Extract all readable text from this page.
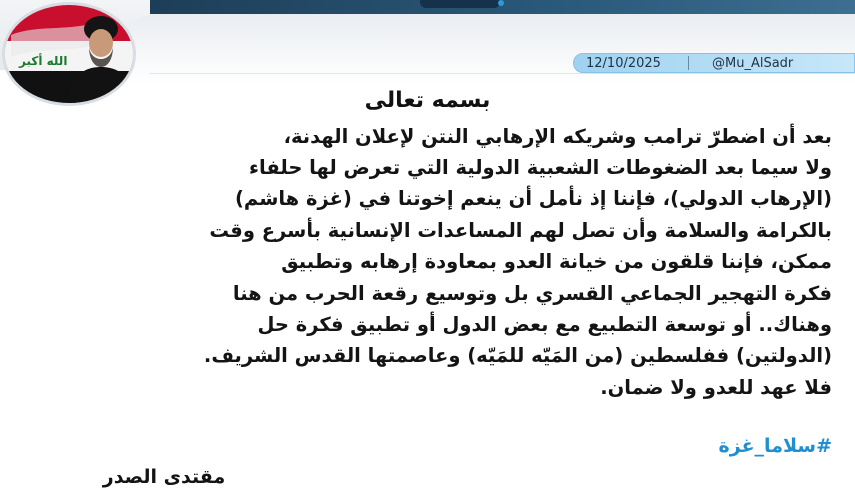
الله أكبر	12/10/2025	@Mu_AlSadr
بسمه تعالى
بعد أن اضطرّ ترامب وشريكه الإرهابي النتن لإعلان الهدنة،
ولا سيما بعد الضغوطات الشعبية الدولية التي تعرض لها حلفاء
(الإرهاب الدولي)، فإننا إذ نأمل أن ينعم إخوتنا في (غزة هاشم)
بالكرامة والسلامة وأن تصل لهم المساعدات الإنسانية بأسرع وقت
ممكن، فإننا قلقون من خيانة العدو بمعاودة إرهابه وتطبيق
فكرة التهجير الجماعي القسري بل وتوسيع رقعة الحرب من هنا
وهناك.. أو توسعة التطبيع مع بعض الدول أو تطبيق فكرة حل
(الدولتين) ففلسطين (من المَيّه للمَيّه) وعاصمتها القدس الشريف.
فلا عهد للعدو ولا ضمان.
#سلاما_غزة
مقتدى الصدر
